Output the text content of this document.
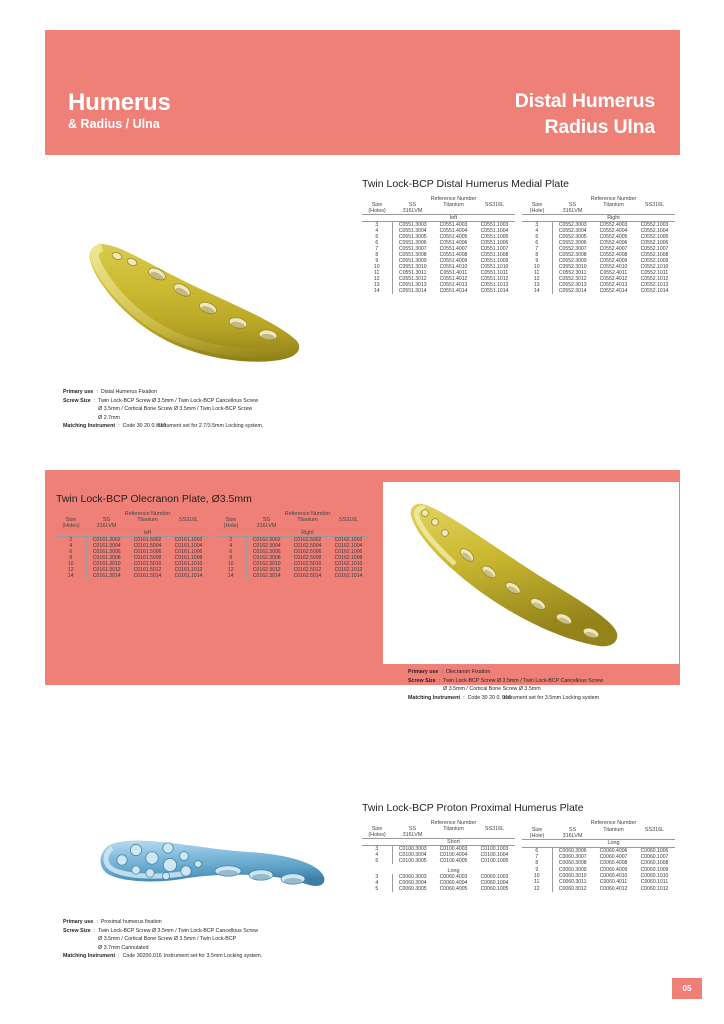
Humerus
& Radius / Ulna
Distal Humerus
Radius Ulna
Twin Lock-BCP Distal Humerus Medial Plate
	Reference Number		
Size	SS	Titanium	SS316L
(Holes)	316LVM		
	left		
3	C0551.3003	C0551.4003	C0551.1003
4	C0551.3004	C0551.4004	C0551.1004
5	C0551.3005	C0551.4005	C0551.1005
6	C0551.3006	C0551.4006	C0551.1006
7	C0551.3007	C0551.4007	C0551.1007
8	C0551.3008	C0551.4008	C0551.1008
9	C0551.3009	C0551.4009	C0551.1009
10	C0551.3010	C0551.4010	C0551.1010
11	C0551.3011	C0551.4011	C0551.1011
12	C0551.3012	C0551.4012	C0551.1012
13	C0551.3013	C0551.4013	C0551.1013
14	C0551.3014	C0551.4014	C0551.1014
	Reference Number		
Size	SS	Titanium	SS316L
(Hole)	316LVM		
	Right		
3	C0552.3003	C0552.4003	C0552.1003
4	C0552.3004	C0552.4004	C0552.1004
5	C0552.3005	C0552.4005	C0552.1005
6	C0552.3006	C0552.4006	C0552.1006
7	C0552.3007	C0552.4007	C0552.1007
8	C0552.3008	C0552.4008	C0552.1008
9	C0552.3009	C0552.4009	C0552.1009
10	C0552.3010	C0552.4010	C0552.1010
11	C0552.3011	C0552.4011	C0552.1011
12	C0552.3012	C0552.4012	C0552.1012
13	C0552.3013	C0552.4013	C0552.1013
14	C0552.3014	C0552.4014	C0552.1014
Primary use : Distal Humerus Fixation
Screw Size : Twin Lock-BCP Screw Ø 3.5mm / Twin Lock-BCP Cancellous Screw
Ø 3.5mm / Cortical Bone Screw Ø 3.5mm / Twin Lock-BCP Screw
Ø 2.7mm
Matching Instrument : Code 30 20 0. 016
Instrument set for 2.7/3.5mm Locking system.
Twin Lock-BCP Olecranon Plate, Ø3.5mm
	Reference Number		
Size	SS	Titanium	SS316L
(Holes)	316LVM		
	left		
2	C0161.3002	C0161.5002	C0161.1002
4	C0161.3004	C0161.5004	C0161.1004
6	C0161.3006	C0161.5006	C0161.1006
8	C0161.3008	C0161.5008	C0161.1008
10	C0161.3010	C0161.5010	C0161.1010
12	C0161.3012	C0161.5012	C0161.1012
14	C0161.3014	C0161.5014	C0161.1014
	Reference Number		
Size	SS	Titanium	SS316L
(Hole)	316LVM		
	Right		
2	C0162.3002	C0162.5002	C0162.1002
4	C0162.3004	C0162.5004	C0162.1004
6	C0162.3006	C0162.5006	C0162.1006
8	C0162.3008	C0162.5008	C0162.1008
10	C0162.3010	C0162.5010	C0162.1010
12	C0162.3012	C0162.5012	C0162.1012
14	C0162.3014	C0162.5014	C0162.1014
Primary use : Olecranon Fixation
Screw Size : Twin Lock-BCP Screw Ø 3.5mm / Twin Lock-BCP Cancellous Screw
Ø 3.5mm / Cortical Bone Screw Ø 3.5mm
Matching Instrument : Code 30 20 0. 016
Instrument set for 3.5mm Locking system
Twin Lock-BCP Proton Proximal Humerus Plate
	Reference Number		
Size	SS	Titanium	SS316L
(Holes)	316LVM		
	Short		
3	C0100.3003	C0100.4003	C0100.1003
4	C0100.3004	C0100.4004	C0100.1004
5	C0100.3005	C0100.4005	C0100.1005
	Long		
3	C0060.3003	C0060.4003	C0060.1003
4	C0060.3004	C0060.4004	C0060.1004
5	C0060.3005	C0060.4005	C0060.1005
	Reference Number		
Size	SS	Titanium	SS316L
(Hole)	316LVM		
	Long		
6	C0060.3006	C0060.4006	C0060.1006
7	C0060.3007	C0060.4007	C0060.1007
8	C0060.3008	C0060.4008	C0060.1008
9	C0060.3009	C0060.4009	C0060.1009
10	C0060.3010	C0060.4010	C0060.1010
11	C0060.3011	C0060.4011	C0060.1011
12	C0060.3012	C0060.4012	C0060.1012
Primary use : Proximal humerus fixation
Screw Size : Twin Lock-BCP Screw Ø 3.5mm / Twin Lock-BCP Cancellous Screw
Ø 3.5mm / Cortical Bone Screw Ø 3.5mm / Twin Lock-BCP
Ø 3.7mm Cannulated
Matching Instrument : Code 30200.016 Instrument set for 3.5mm Locking system.
05
